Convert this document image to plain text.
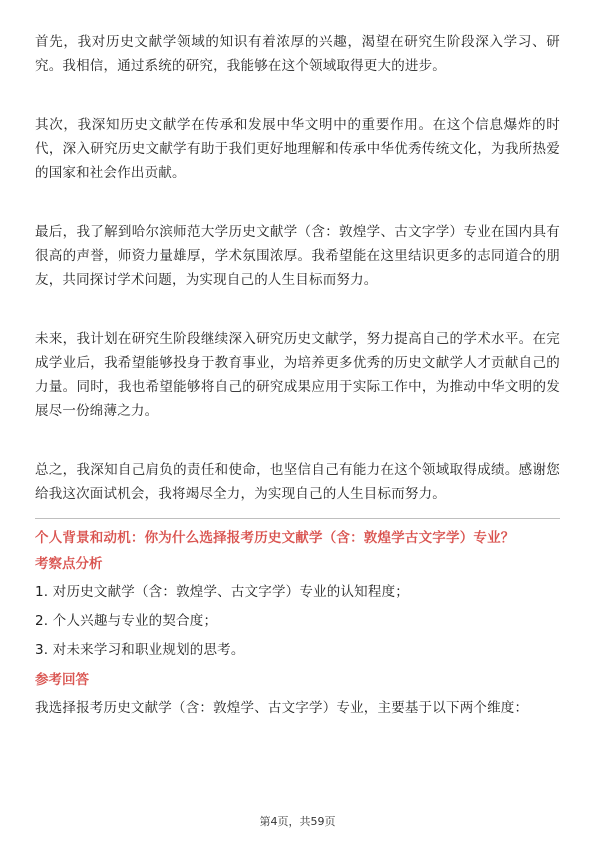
首先，我对历史文献学领域的知识有着浓厚的兴趣，渴望在研究生阶段深入学习、研究。我相信，通过系统的研究，我能够在这个领域取得更大的进步。

其次，我深知历史文献学在传承和发展中华文明中的重要作用。在这个信息爆炸的时代，深入研究历史文献学有助于我们更好地理解和传承中华优秀传统文化，为我所热爱的国家和社会作出贡献。

最后，我了解到哈尔滨师范大学历史文献学（含：敦煌学、古文字学）专业在国内具有很高的声誉，师资力量雄厚，学术氛围浓厚。我希望能在这里结识更多的志同道合的朋友，共同探讨学术问题，为实现自己的人生目标而努力。

未来，我计划在研究生阶段继续深入研究历史文献学，努力提高自己的学术水平。在完成学业后，我希望能够投身于教育事业，为培养更多优秀的历史文献学人才贡献自己的力量。同时，我也希望能够将自己的研究成果应用于实际工作中，为推动中华文明的发展尽一份绵薄之力。

总之，我深知自己肩负的责任和使命，也坚信自己有能力在这个领域取得成绩。感谢您给我这次面试机会，我将竭尽全力，为实现自己的人生目标而努力。

个人背景和动机：你为什么选择报考历史文献学（含：敦煌学古文字学）专业？
考察点分析
1. 对历史文献学（含：敦煌学、古文字学）专业的认知程度；
2. 个人兴趣与专业的契合度；
3. 对未来学习和职业规划的思考。
参考回答

我选择报考历史文献学（含：敦煌学、古文字学）专业，主要基于以下两个维度：

第4页，共59页
